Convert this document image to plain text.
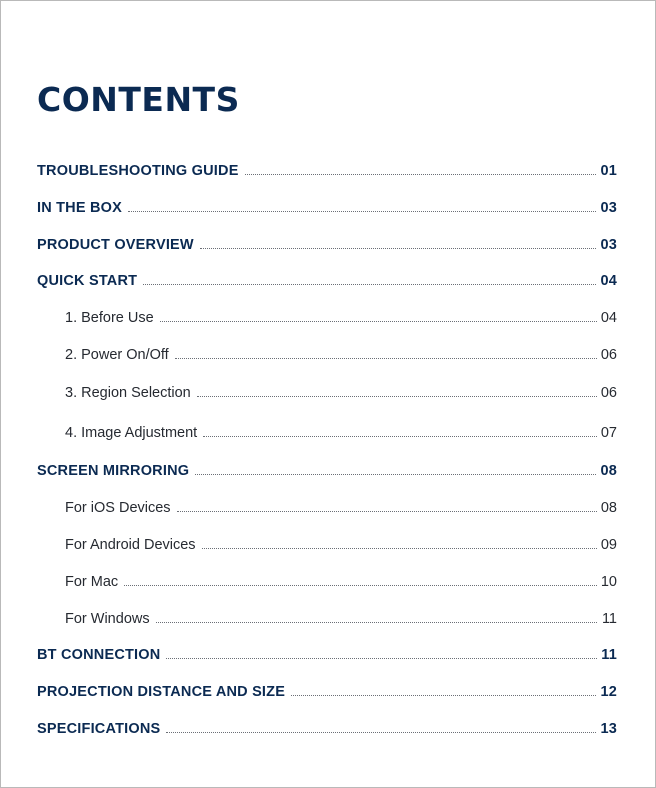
CONTENTS
TROUBLESHOOTING GUIDE	01
IN THE BOX	03
PRODUCT OVERVIEW	03
QUICK START	04
1. Before Use	04
2. Power On/Off	06
3. Region Selection	06
4. Image Adjustment	07
SCREEN MIRRORING	08
For iOS Devices	08
For Android Devices	09
For Mac	10
For Windows	11
BT CONNECTION	11
PROJECTION DISTANCE AND SIZE	12
SPECIFICATIONS	13
